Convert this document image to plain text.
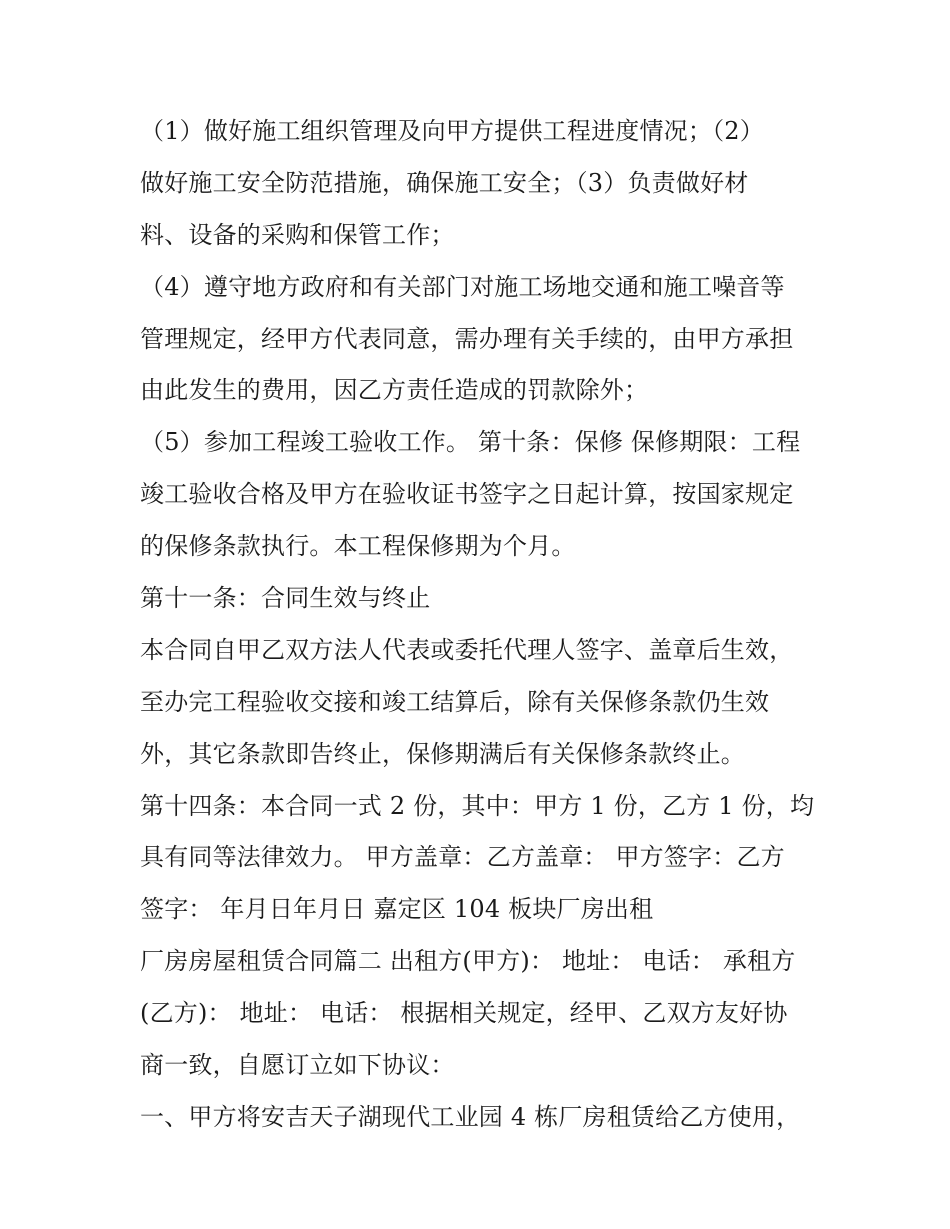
（1）做好施工组织管理及向甲方提供工程进度情况；（2）

做好施工安全防范措施，确保施工安全；（3）负责做好材

料、设备的采购和保管工作；

（4）遵守地方政府和有关部门对施工场地交通和施工噪音等

管理规定，经甲方代表同意，需办理有关手续的，由甲方承担

由此发生的费用，因乙方责任造成的罚款除外；

（5）参加工程竣工验收工作。 第十条：保修 保修期限：工程

竣工验收合格及甲方在验收证书签字之日起计算，按国家规定

的保修条款执行。本工程保修期为个月。

第十一条：合同生效与终止

本合同自甲乙双方法人代表或委托代理人签字、盖章后生效，

至办完工程验收交接和竣工结算后，除有关保修条款仍生效

外，其它条款即告终止，保修期满后有关保修条款终止。

第十四条：本合同一式 2 份，其中：甲方 1 份，乙方 1 份，均

具有同等法律效力。 甲方盖章：乙方盖章： 甲方签字：乙方

签字： 年月日年月日 嘉定区 104 板块厂房出租

厂房房屋租赁合同篇二 出租方(甲方)： 地址： 电话： 承租方

(乙方)： 地址： 电话： 根据相关规定，经甲、乙双方友好协

商一致，自愿订立如下协议：

一、甲方将安吉天子湖现代工业园 4 栋厂房租赁给乙方使用，
